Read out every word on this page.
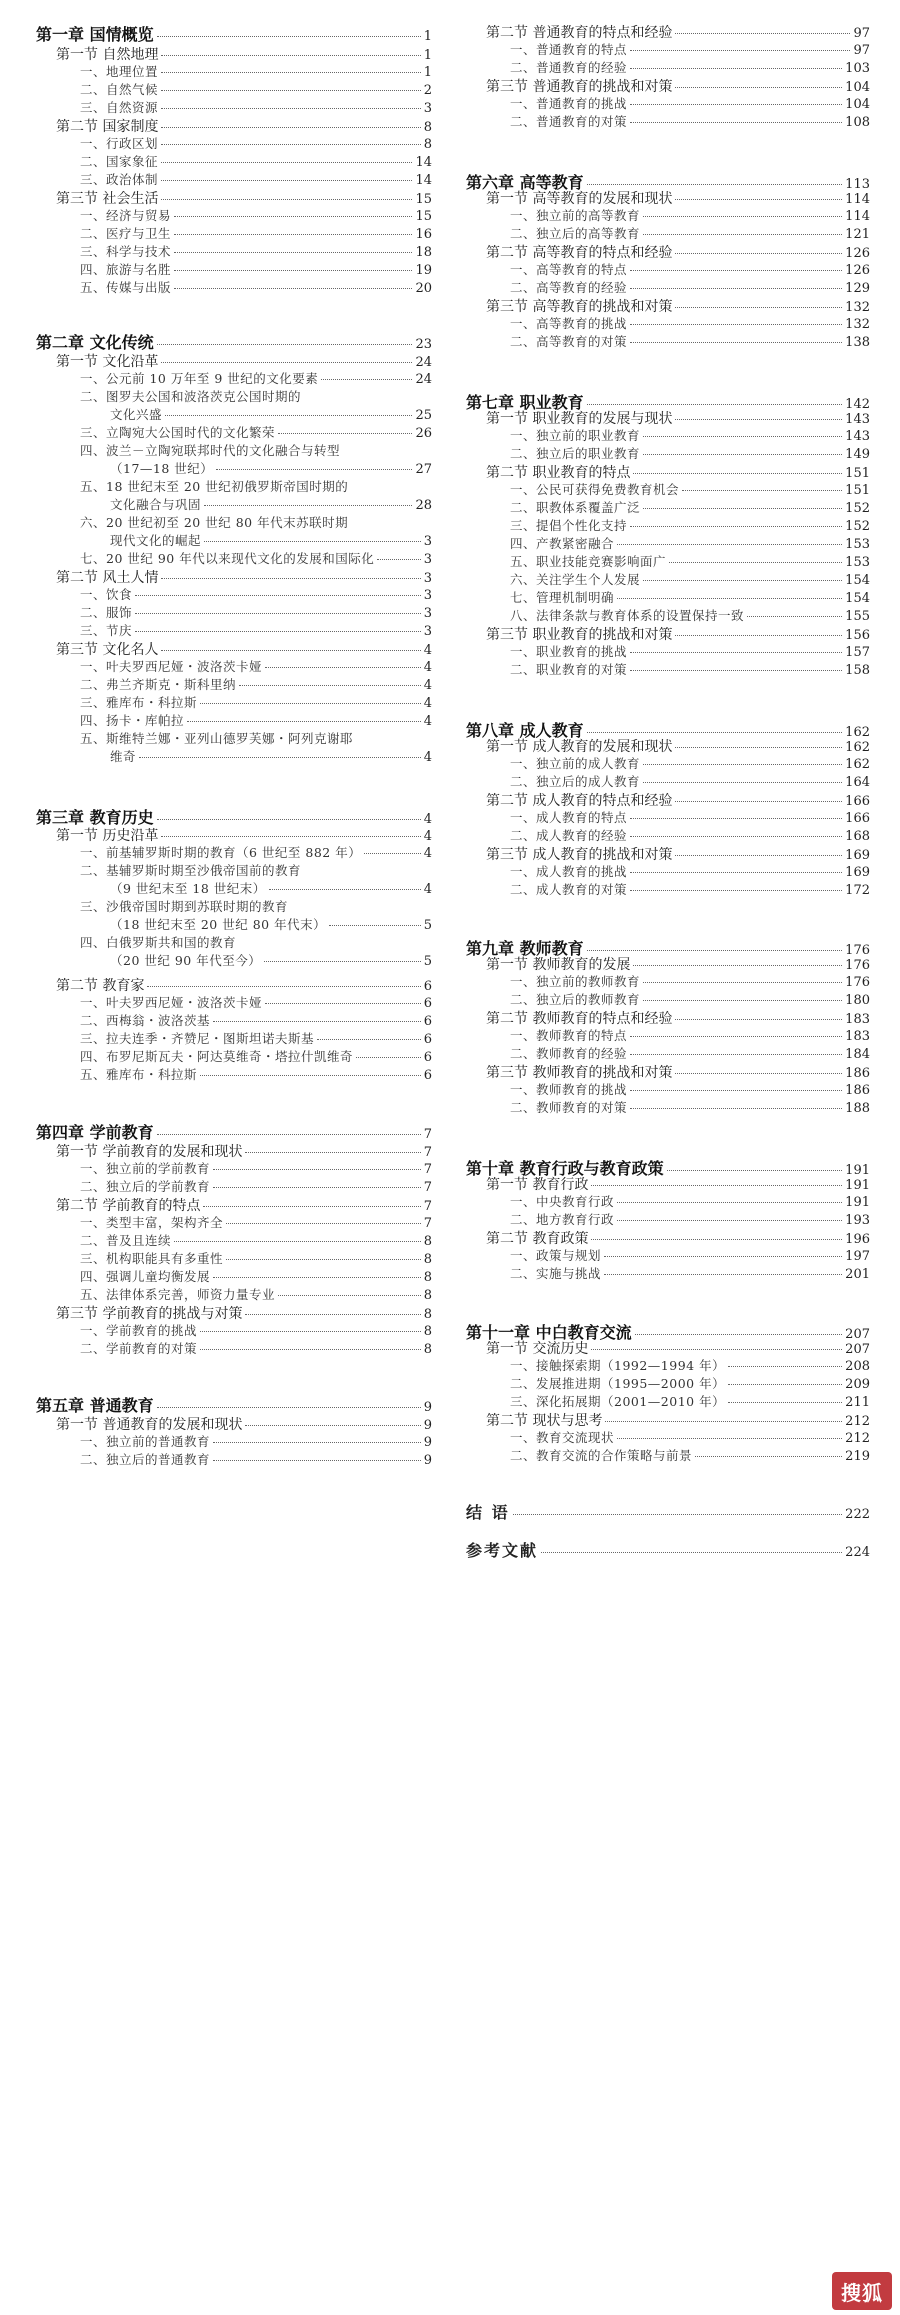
第一章 国情概览	1
第一节 自然地理	1
一、地理位置	1
二、自然气候	2
三、自然资源	3
第二节 国家制度	8
一、行政区划	8
二、国家象征	14
三、政治体制	14
第三节 社会生活	15
一、经济与贸易	15
二、医疗与卫生	16
三、科学与技术	18
四、旅游与名胜	19
五、传媒与出版	20
第二章 文化传统	23
第一节 文化沿革	24
一、公元前 10 万年至 9 世纪的文化要素	24
二、图罗夫公国和波洛茨克公国时期的
文化兴盛	25
三、立陶宛大公国时代的文化繁荣	26
四、波兰－立陶宛联邦时代的文化融合与转型
（17—18 世纪）	27
五、18 世纪末至 20 世纪初俄罗斯帝国时期的
文化融合与巩固	28
六、20 世纪初至 20 世纪 80 年代末苏联时期
现代文化的崛起	3
七、20 世纪 90 年代以来现代文化的发展和国际化	3
第二节 风土人情	3
一、饮食	3
二、服饰	3
三、节庆	3
第三节 文化名人	4
一、叶夫罗西尼娅・波洛茨卡娅	4
二、弗兰齐斯克・斯科里纳	4
三、雅库布・科拉斯	4
四、扬卡・库帕拉	4
五、斯维特兰娜・亚列山德罗芙娜・阿列克谢耶
维奇	4
第三章 教育历史	4
第一节 历史沿革	4
一、前基辅罗斯时期的教育（6 世纪至 882 年）	4
二、基辅罗斯时期至沙俄帝国前的教育
（9 世纪末至 18 世纪末）	4
三、沙俄帝国时期到苏联时期的教育
（18 世纪末至 20 世纪 80 年代末）	5
四、白俄罗斯共和国的教育
（20 世纪 90 年代至今）	5
第二节 教育家	6
一、叶夫罗西尼娅・波洛茨卡娅	6
二、西梅翁・波洛茨基	6
三、拉夫连季・齐赞尼・图斯坦诺夫斯基	6
四、布罗尼斯瓦夫・阿达莫维奇・塔拉什凯维奇	6
五、雅库布・科拉斯	6
第四章 学前教育	7
第一节 学前教育的发展和现状	7
一、独立前的学前教育	7
二、独立后的学前教育	7
第二节 学前教育的特点	7
一、类型丰富，架构齐全	7
二、普及且连续	8
三、机构职能具有多重性	8
四、强调儿童均衡发展	8
五、法律体系完善，师资力量专业	8
第三节 学前教育的挑战与对策	8
一、学前教育的挑战	8
二、学前教育的对策	8
第五章 普通教育	9
第一节 普通教育的发展和现状	9
一、独立前的普通教育	9
二、独立后的普通教育	9
第二节 普通教育的特点和经验	97
一、普通教育的特点	97
二、普通教育的经验	103
第三节 普通教育的挑战和对策	104
一、普通教育的挑战	104
二、普通教育的对策	108
第六章 高等教育	113
第一节 高等教育的发展和现状	114
一、独立前的高等教育	114
二、独立后的高等教育	121
第二节 高等教育的特点和经验	126
一、高等教育的特点	126
二、高等教育的经验	129
第三节 高等教育的挑战和对策	132
一、高等教育的挑战	132
二、高等教育的对策	138
第七章 职业教育	142
第一节 职业教育的发展与现状	143
一、独立前的职业教育	143
二、独立后的职业教育	149
第二节 职业教育的特点	151
一、公民可获得免费教育机会	151
二、职教体系覆盖广泛	152
三、提倡个性化支持	152
四、产教紧密融合	153
五、职业技能竞赛影响面广	153
六、关注学生个人发展	154
七、管理机制明确	154
八、法律条款与教育体系的设置保持一致	155
第三节 职业教育的挑战和对策	156
一、职业教育的挑战	157
二、职业教育的对策	158
第八章 成人教育	162
第一节 成人教育的发展和现状	162
一、独立前的成人教育	162
二、独立后的成人教育	164
第二节 成人教育的特点和经验	166
一、成人教育的特点	166
二、成人教育的经验	168
第三节 成人教育的挑战和对策	169
一、成人教育的挑战	169
二、成人教育的对策	172
第九章 教师教育	176
第一节 教师教育的发展	176
一、独立前的教师教育	176
二、独立后的教师教育	180
第二节 教师教育的特点和经验	183
一、教师教育的特点	183
二、教师教育的经验	184
第三节 教师教育的挑战和对策	186
一、教师教育的挑战	186
二、教师教育的对策	188
第十章 教育行政与教育政策	191
第一节 教育行政	191
一、中央教育行政	191
二、地方教育行政	193
第二节 教育政策	196
一、政策与规划	197
二、实施与挑战	201
第十一章 中白教育交流	207
第一节 交流历史	207
一、接触探索期（1992—1994 年）	208
二、发展推进期（1995—2000 年）	209
三、深化拓展期（2001—2010 年）	211
第二节 现状与思考	212
一、教育交流现状	212
二、教育交流的合作策略与前景	219
结 语	222
参考文献	224
搜狐
